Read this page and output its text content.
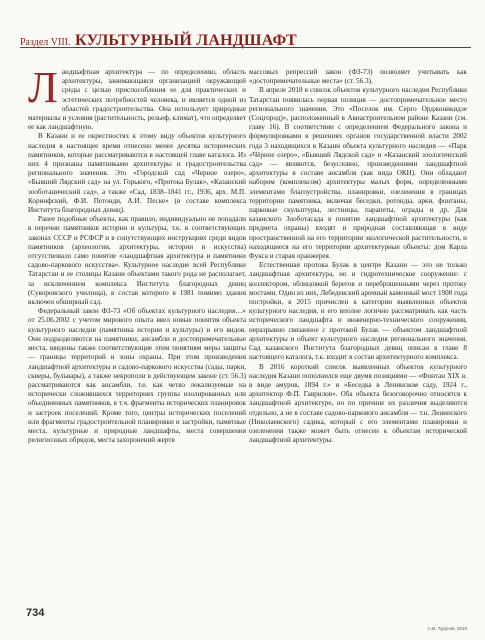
Раздел VIII. КУЛЬТУРНЫЙ ЛАНДШАФТ

Ландшафтная архитектура — по определению, область архитектуры, занимающаяся организацией окружающей среды с целью приспособления ее для практических и эстетических потребностей человека, и является одной из областей градостроительства. Она использует природные материалы и условия (растительность, рельеф, климат), что определяет ее как ландшафтную.

В Казани и ее окрестностях к этому виду объектов культурного наследия в настоящее время отнесено менее десятка исторических памятников, которые рассматриваются в настоящей главе каталога. Из них 4 признаны памятниками архитектуры и градостроительства регионального значения. Это «Городской сад «Черное озеро», «Бывший Лядский сад» на ул. Горького, «Протока Булак», «Казанский зооботанический сад», а также «Сад, 1838–1841 гг., 1936, арх. М.П. Коринфский, Ф.И. Петонди, А.И. Песке» (в составе комплекса Института благородных девиц).

Ранее подобные объекты, как правило, индивидуально не попадали в перечни памятников истории и культуры, т.к. в соответствующих законах СССР и РСФСР и в сопутствующих инструкциях среди видов памятников (археологии, архитектуры, истории и искусства) отсутствовало само понятие «ландшафтная архитектура и памятники садово-паркового искусства». Культурное наследие всей Республики Татарстан и ее столицы Казани объектами такого рода не располагает, за исключением комплекса Института благородных девиц (Суворовского училища), в состав которого в 1981 помимо здания включен обширный сад.

Федеральный закон ФЗ-73 «Об объектах культурного наследия…» от 25.06.2002 с учетом мирового опыта ввел новые понятия объекта культурного наследия (памятника истории и культуры) и его видов. Они подразделяются на памятники, ансамбли и достопримечательные места, введены также соответствующие этим понятиям меры защиты — границы территорий и зоны охраны. При этом произведения ландшафтной архитектуры и садово-паркового искусства (сады, парки, скверы, бульвары), а также некрополи в действующем законе (ст. 56.3) рассматриваются как ансамбли, т.е. как четко локализуемые на исторически сложившихся территориях группы изолированных или объединенных памятников, в т.ч. фрагменты исторических планировок и застроек поселений. Кроме того, центры исторических поселений или фрагменты градостроительной планировки и застройки, памятные места, культурные и природные ландшафты, места совершения религиозных обрядов, места захоронений жертв

массовых репрессий закон (ФЗ-73) позволяет учитывать как «достопримечательные места» (ст. 56.3).

В апреле 2018 в список объектов культурного наследия Республики Татарстан появилась первая позиция — достопримечательное место регионального значения. Это «Поселок им. Серго Орджоникидзе (Соцгород)», расположенный в Авиастроительном районе Казани (см. главу 16). В соответствии с определением Федерального закона и формулировками в решениях органов государственной власти 2002 года 3 находящихся в Казани объекта культурного наследия — «Парк «Чёрное озеро», «Бывший Лядской сад» и «Казанский зоологический сад» — являются, безусловно, произведениями ландшафтной архитектуры в составе ансамбля (как вида ОКН). Они обладают набором (комплексом) архитектуры малых форм, определенными элементами благоустройства, планировки, озеленения в границах территории памятника, включая беседки, ротонды, арки, фонтаны, парковые скульптуры, лестницы, парапеты, ограды и др. Для казанского Зооботасада в понятие ландшафтной архитектуры (как предмета охраны) входят и природная составляющая в виде пространственной на его территории экологической растительности, и находящиеся на его территории архитектурные объекты: дом Карла Фукса и старая оранжерея.

Естественная протока Булак в центре Казани — это не только ландшафтная архитектура, но и гидротехническое сооружение: с коллектором, облицовкой берегов и переброшенными через протоку мостами. Один из них, Лебедевский арочный каменный мост 1908 года постройки, в 2015 причислен к категории выявленных объектов культурного наследия, и его вполне логично рассматривать как часть исторического ландшафта и инженерно-технического сооружения, неразрывно связанное с протокой Булак — объектом ландшафтной архитектуры и объект культурного наследия регионального значения. Сад казанского Института благородных девиц описан в главе 8 настоящего каталога, т.к. входит в состав архитектурного комплекса.

В 2016 короткий список выявленных объектов культурного наследия Казани пополнился еще двумя позициями — «Фонтан XIX в. в виде амуров, 1894 г.» и «Беседка в Ленинском саду, 1924 г., архитектор Ф.П. Гаврилов». Оба объекта безоговорочно относятся к ландшафтной архитектуре, но по причине их различия выделяются отдельно, а не в составе садово-паркового ансамбля — т.н. Ленинского (Николаевского) садика, который с его элементами планировки и озеленения также может быть отнесен к объектам исторической ландшафтной архитектуры.

734
А.М. Турунов, 2019
